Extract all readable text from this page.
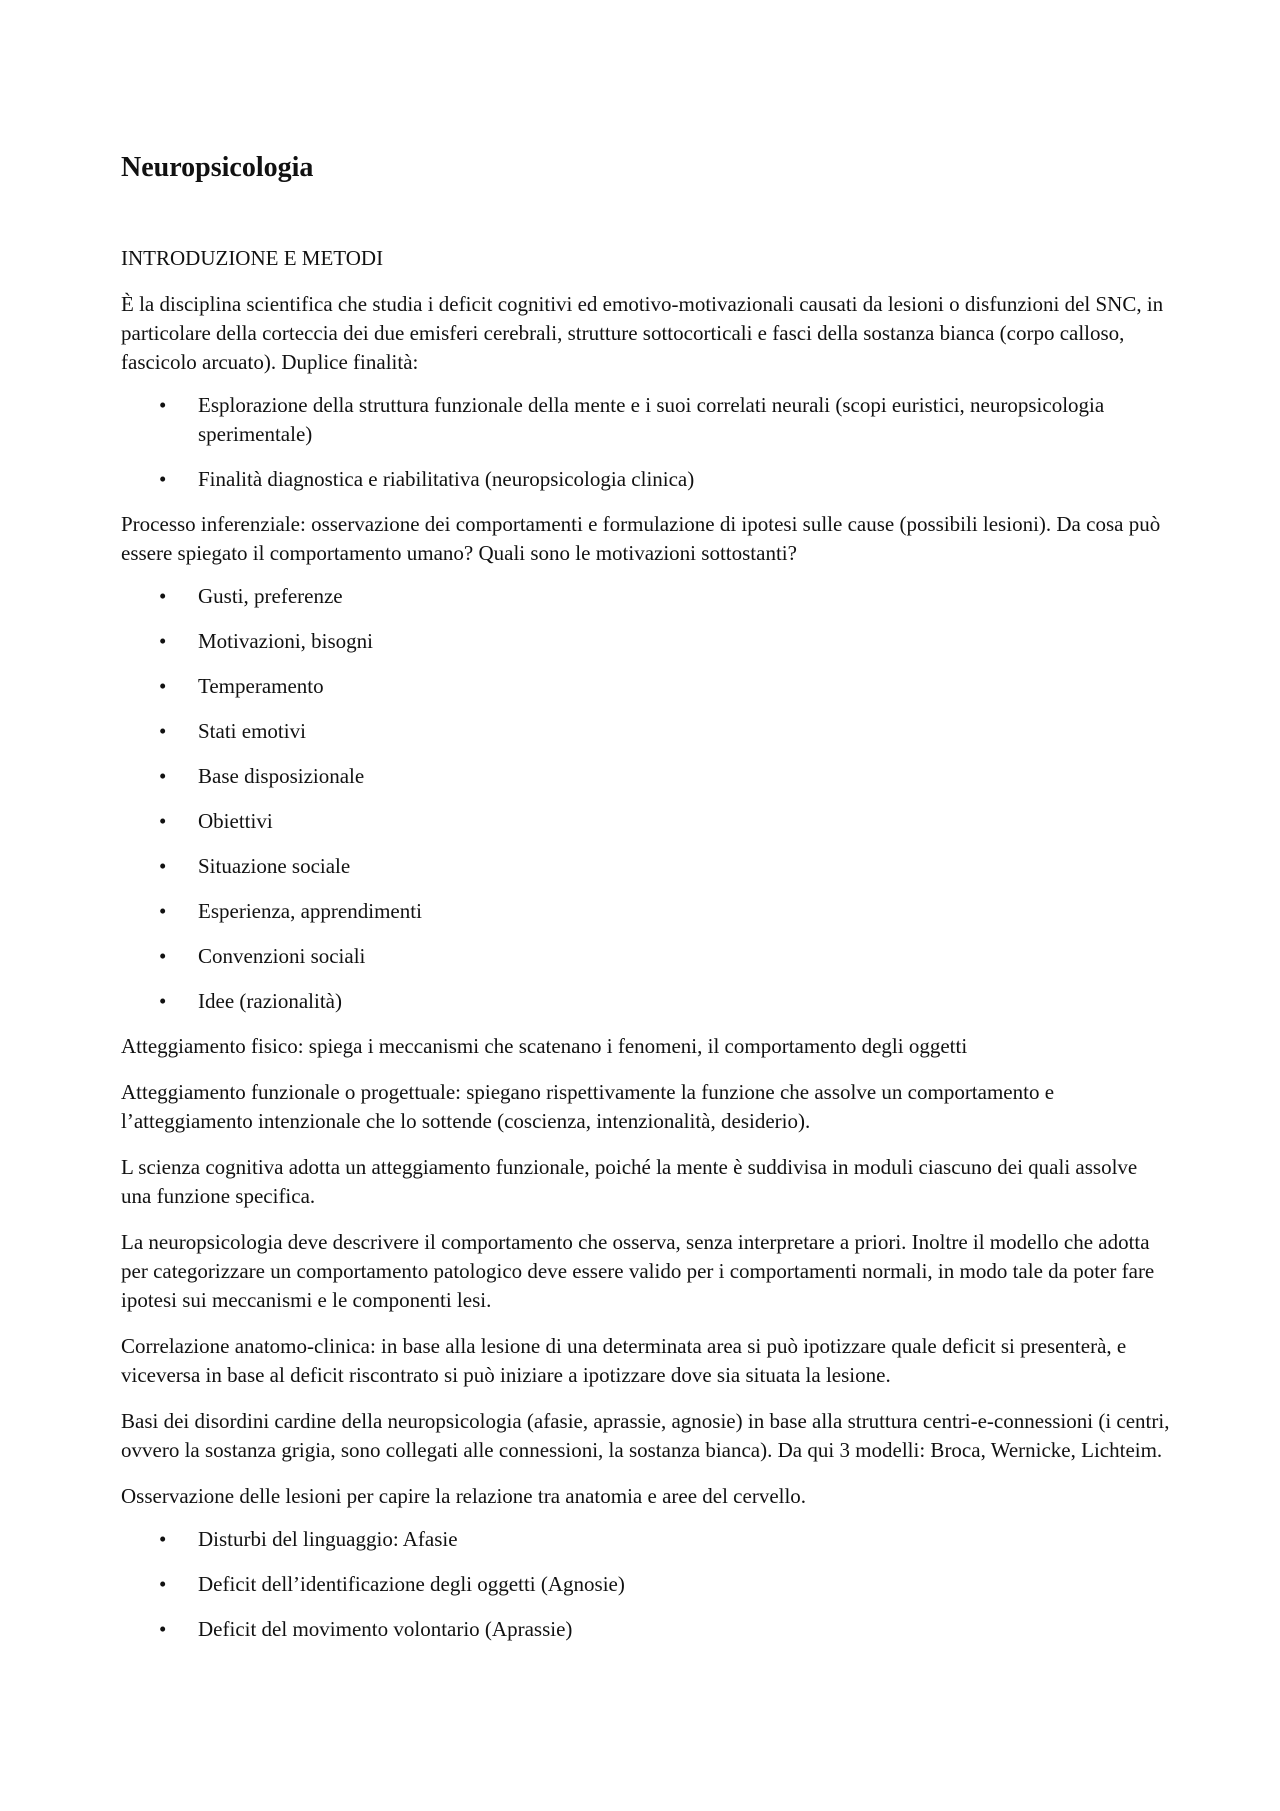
Neuropsicologia
INTRODUZIONE E METODI

È la disciplina scientifica che studia i deficit cognitivi ed emotivo-motivazionali causati da lesioni o disfunzioni del SNC, in particolare della corteccia dei due emisferi cerebrali, strutture sottocorticali e fasci della sostanza bianca (corpo calloso, fascicolo arcuato). Duplice finalità:

• Esplorazione della struttura funzionale della mente e i suoi correlati neurali (scopi euristici, neuropsicologia sperimentale)
• Finalità diagnostica e riabilitativa (neuropsicologia clinica)

Processo inferenziale: osservazione dei comportamenti e formulazione di ipotesi sulle cause (possibili lesioni). Da cosa può essere spiegato il comportamento umano? Quali sono le motivazioni sottostanti?

• Gusti, preferenze
• Motivazioni, bisogni
• Temperamento
• Stati emotivi
• Base disposizionale
• Obiettivi
• Situazione sociale
• Esperienza, apprendimenti
• Convenzioni sociali
• Idee (razionalità)

Atteggiamento fisico: spiega i meccanismi che scatenano i fenomeni, il comportamento degli oggetti

Atteggiamento funzionale o progettuale: spiegano rispettivamente la funzione che assolve un comportamento e l’atteggiamento intenzionale che lo sottende (coscienza, intenzionalità, desiderio).

L scienza cognitiva adotta un atteggiamento funzionale, poiché la mente è suddivisa in moduli ciascuno dei quali assolve una funzione specifica.

La neuropsicologia deve descrivere il comportamento che osserva, senza interpretare a priori. Inoltre il modello che adotta per categorizzare un comportamento patologico deve essere valido per i comportamenti normali, in modo tale da poter fare ipotesi sui meccanismi e le componenti lesi.

Correlazione anatomo-clinica: in base alla lesione di una determinata area si può ipotizzare quale deficit si presenterà, e viceversa in base al deficit riscontrato si può iniziare a ipotizzare dove sia situata la lesione.

Basi dei disordini cardine della neuropsicologia (afasie, aprassie, agnosie) in base alla struttura centri-e-connessioni (i centri, ovvero la sostanza grigia, sono collegati alle connessioni, la sostanza bianca). Da qui 3 modelli: Broca, Wernicke, Lichteim.

Osservazione delle lesioni per capire la relazione tra anatomia e aree del cervello.

• Disturbi del linguaggio: Afasie
• Deficit dell’identificazione degli oggetti (Agnosie)
• Deficit del movimento volontario (Aprassie)
